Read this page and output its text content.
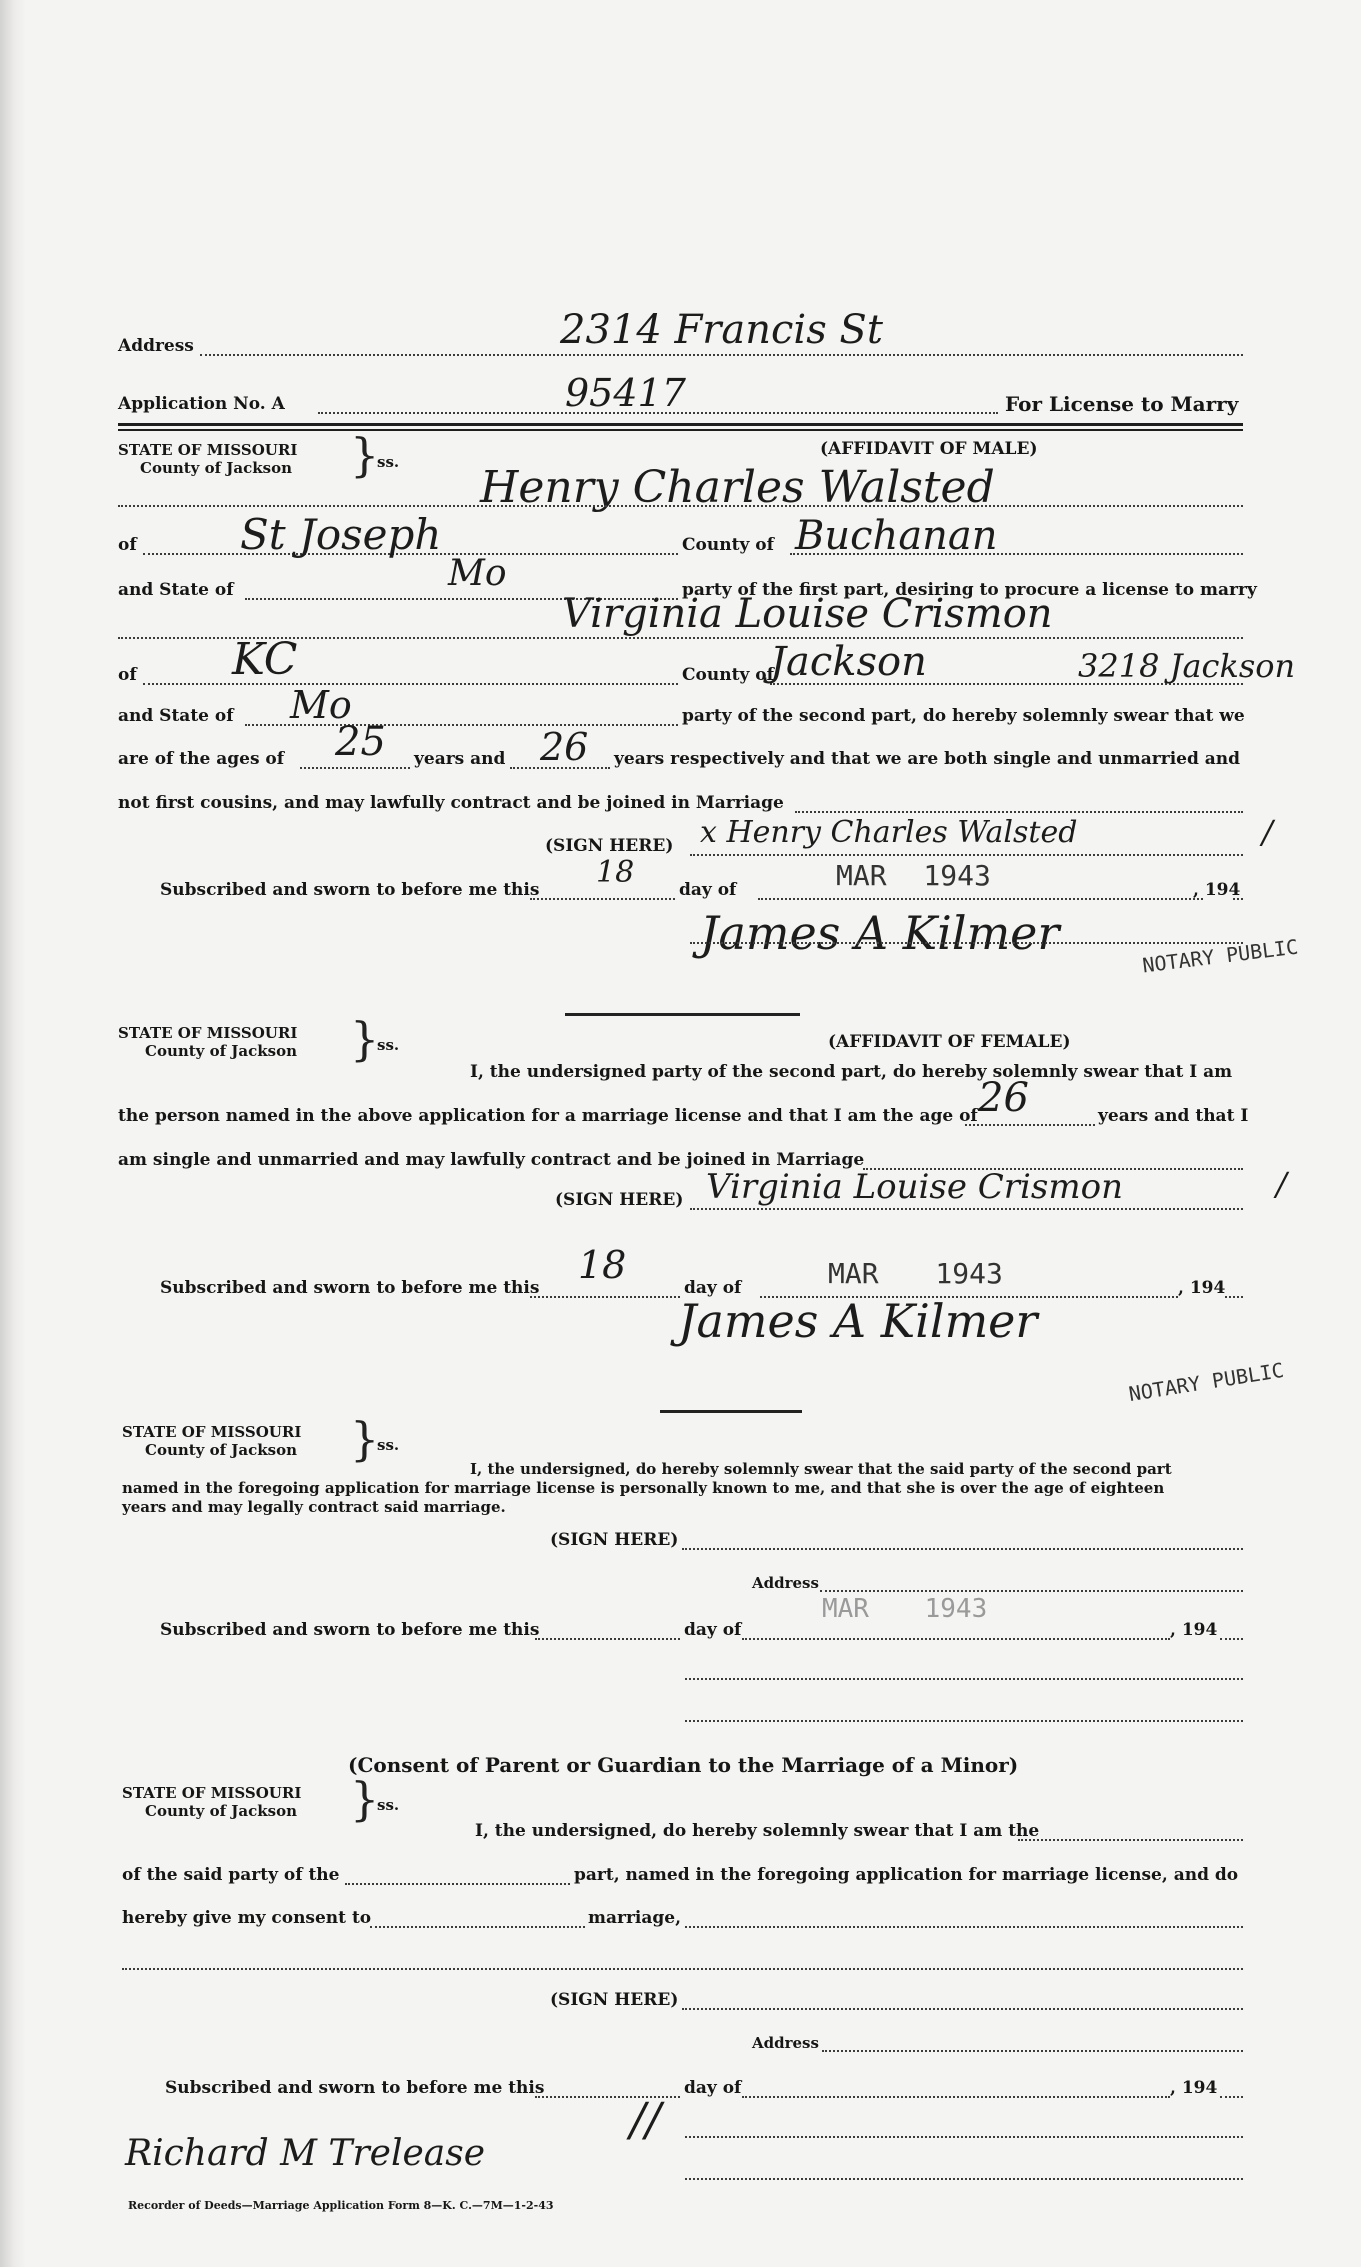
Address	2314 Francis St
Application No. A	95417	For License to Marry
STATE OF MISSOURI
County of Jackson }
ss.
(AFFIDAVIT OF MALE)
Henry Charles Walsted
of St Joseph	County of Buchanan
and State of	Mo	party of the first part, desiring to procure a license to marry
Virginia Louise Crismon
of KC	County of
Jackson	3218 Jackson
and State of Mo	party of the second part, do hereby solemnly swear that we
are of the ages of 25 years and 26 years respectively and that we are both single and unmarried and
not first cousins, and may lawfully contract and be joined in Marriage
(SIGN HERE) x Henry Charles Walsted	/
Subscribed and sworn to before me this 18	day of	MAR 1943	, 194
James A Kilmer	NOTARY PUBLIC
STATE OF MISSOURI
County of Jackson }
ss.	(AFFIDAVIT OF FEMALE)
I, the undersigned party of the second part, do hereby solemnly swear that I am
the person named in the above application for a marriage license and that I am the age of 26	years and that I
am single and unmarried and may lawfully contract and be joined in Marriage
(SIGN HERE) Virginia Louise Crismon	/
Subscribed and sworn to before me this
18
day of	MAR 1943	, 194
James A Kilmer
NOTARY PUBLIC
STATE OF MISSOURI
County of Jackson }
ss.
I, the undersigned, do hereby solemnly swear that the said party of the second part
named in the foregoing application for marriage license is personally known to me, and that she is over the age of eighteen
years and may legally contract said marriage.
(SIGN HERE)
Address
MAR 1943
Subscribed and sworn to before me this	day of	, 194
(Consent of Parent or Guardian to the Marriage of a Minor)
STATE OF MISSOURI
County of Jackson }
ss.
I, the undersigned, do hereby solemnly swear that I am the
of the said party of the	part, named in the foregoing application for marriage license, and do
hereby give my consent to	marriage,
(SIGN HERE)
Address
Subscribed and sworn to before me this	day of	, 194
Richard M Trelease
//
Recorder of Deeds—Marriage Application Form 8—K. C.—7M—1-2-43
